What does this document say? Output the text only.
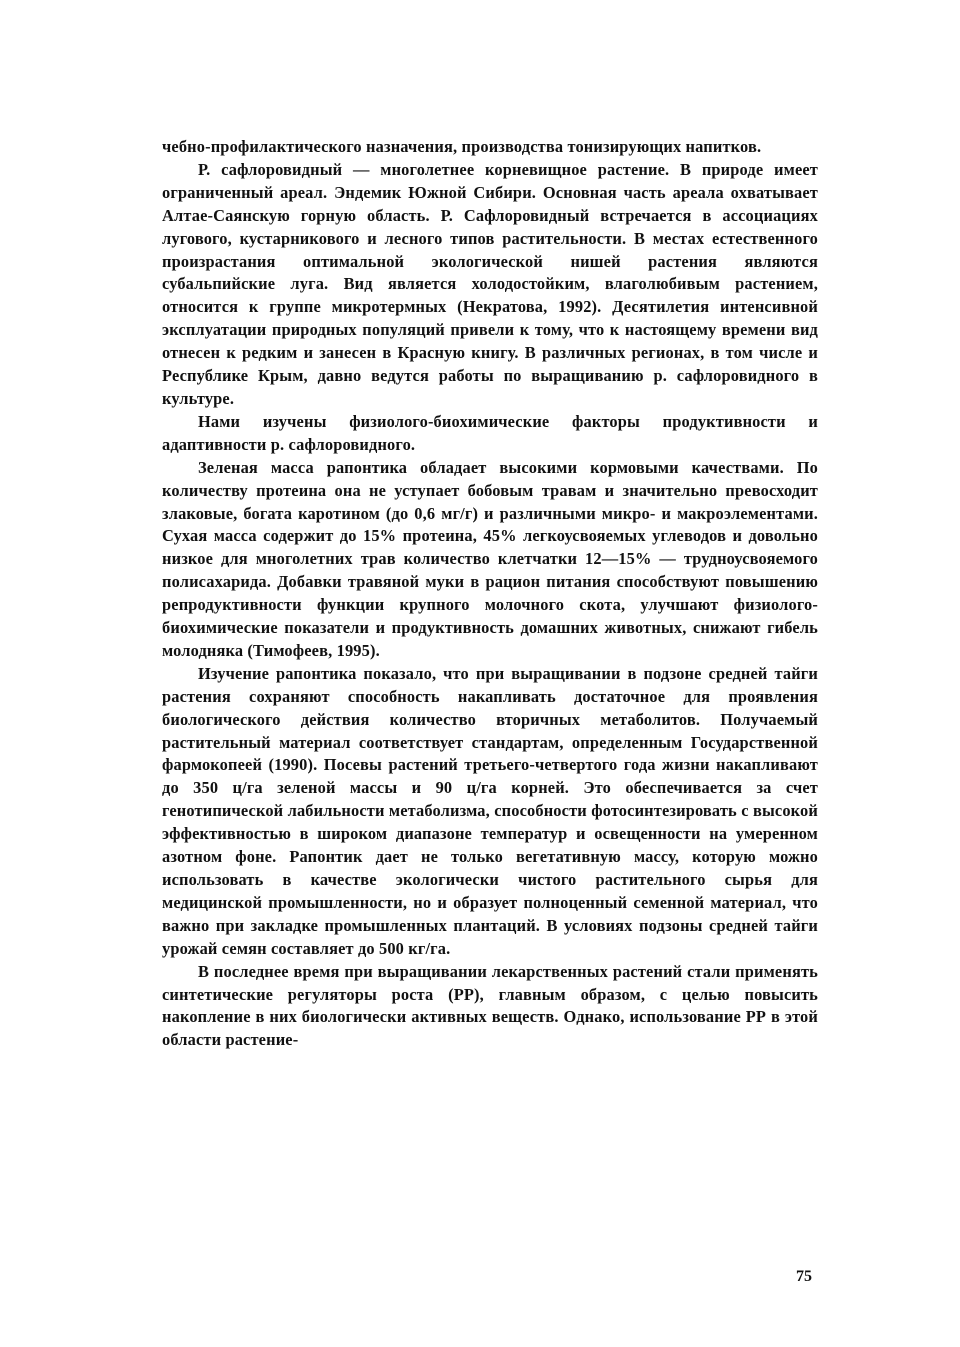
чебно-профилактического назначения, производства тонизирующих напитков.

Р. сафлоровидный — многолетнее корневищное растение. В природе имеет ограниченный ареал. Эндемик Южной Сибири. Основная часть ареала охватывает Алтае-Саянскую горную область. Р. Сафлоровидный встречается в ассоциациях лугового, кустарникового и лесного типов растительности. В местах естественного произрастания оптимальной экологической нишей растения являются субальпийские луга. Вид является холодостойким, влаголюбивым растением, относится к группе микротермных (Некратова, 1992). Десятилетия интенсивной эксплуатации природных популяций привели к тому, что к настоящему времени вид отнесен к редким и занесен в Красную книгу. В различных регионах, в том числе и Республике Крым, давно ведутся работы по выращиванию р. сафлоровидного в культуре.

Нами изучены физиолого-биохимические факторы продуктивности и адаптивности р. сафлоровидного.

Зеленая масса рапонтика обладает высокими кормовыми качествами. По количеству протеина она не уступает бобовым травам и значительно превосходит злаковые, богата каротином (до 0,6 мг/г) и различными микро- и макроэлементами. Сухая масса содержит до 15% протеина, 45% легкоусвояемых углеводов и довольно низкое для многолетних трав количество клетчатки 12—15% — трудноусвояемого полисахарида. Добавки травяной муки в рацион питания способствуют повышению репродуктивности функции крупного молочного скота, улучшают физиолого-биохимические показатели и продуктивность домашних животных, снижают гибель молодняка (Тимофеев, 1995).

Изучение рапонтика показало, что при выращивании в подзоне средней тайги растения сохраняют способность накапливать достаточное для проявления биологического действия количество вторичных метаболитов. Получаемый растительный материал соответствует стандартам, определенным Государственной фармокопеей (1990). Посевы растений третьего-четвертого года жизни накапливают до 350 ц/га зеленой массы и 90 ц/га корней. Это обеспечивается за счет генотипической лабильности метаболизма, способности фотосинтезировать с высокой эффективностью в широком диапазоне температур и освещенности на умеренном азотном фоне. Рапонтик дает не только вегетативную массу, которую можно использовать в качестве экологически чистого растительного сырья для медицинской промышленности, но и образует полноценный семенной материал, что важно при закладке промышленных плантаций. В условиях подзоны средней тайги урожай семян составляет до 500 кг/га.

В последнее время при выращивании лекарственных растений стали применять синтетические регуляторы роста (РР), главным образом, с целью повысить накопление в них биологически активных веществ. Однако, использование РР в этой области растение-

75
